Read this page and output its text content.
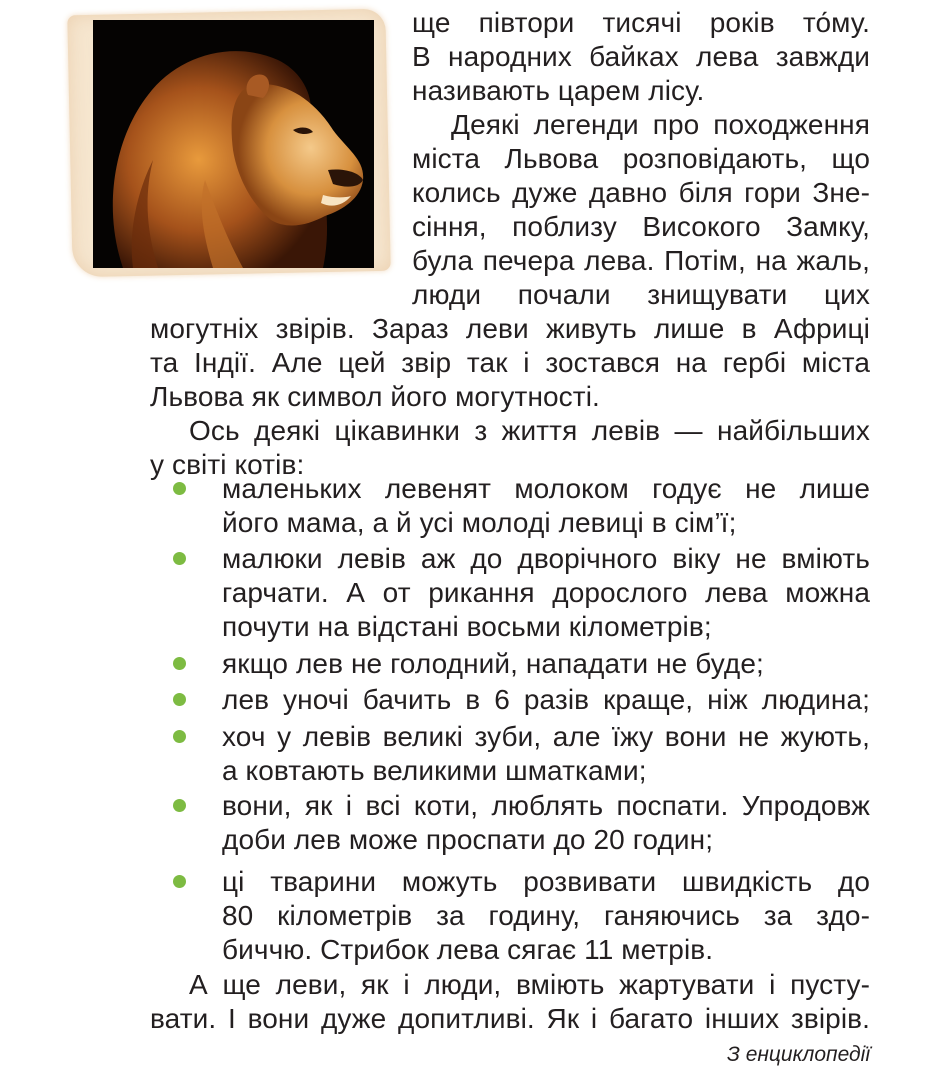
ще півтори тисячі років то́му.
В народних байках лева завжди
називають царем лісу.
Деякі легенди про походження
міста Львова розповідають, що
колись дуже давно біля гори Зне-
сіння, поблизу Високого Замку,
була печера лева. Потім, на жаль,
люди почали знищувати цих
могутніх звірів. Зараз леви живуть лише в Африці
та Індії. Але цей звір так і зостався на гербі міста
Львова як символ його могутності.
Ось деякі цікавинки з життя левів — найбільших
у світі котів:
маленьких левенят молоком годує не лише
його мама, а й усі молоді левиці в сім’ї;
малюки левів аж до дворічного віку не вміють
гарчати. А от рикання дорослого лева можна
почути на відстані восьми кілометрів;
якщо лев не голодний, нападати не буде;
лев уночі бачить в 6 разів краще, ніж людина;
хоч у левів великі зуби, але їжу вони не жують,
а ковтають великими шматками;
вони, як і всі коти, люблять поспати. Упродовж
доби лев може проспати до 20 годин;
ці тварини можуть розвивати швидкість до
80 кілометрів за годину, ганяючись за здо-
биччю. Стрибок лева сягає 11 метрів.
А ще леви, як і люди, вміють жартувати і пусту-
вати. І вони дуже допитливі. Як і багато інших звірів.
З енциклопедії
